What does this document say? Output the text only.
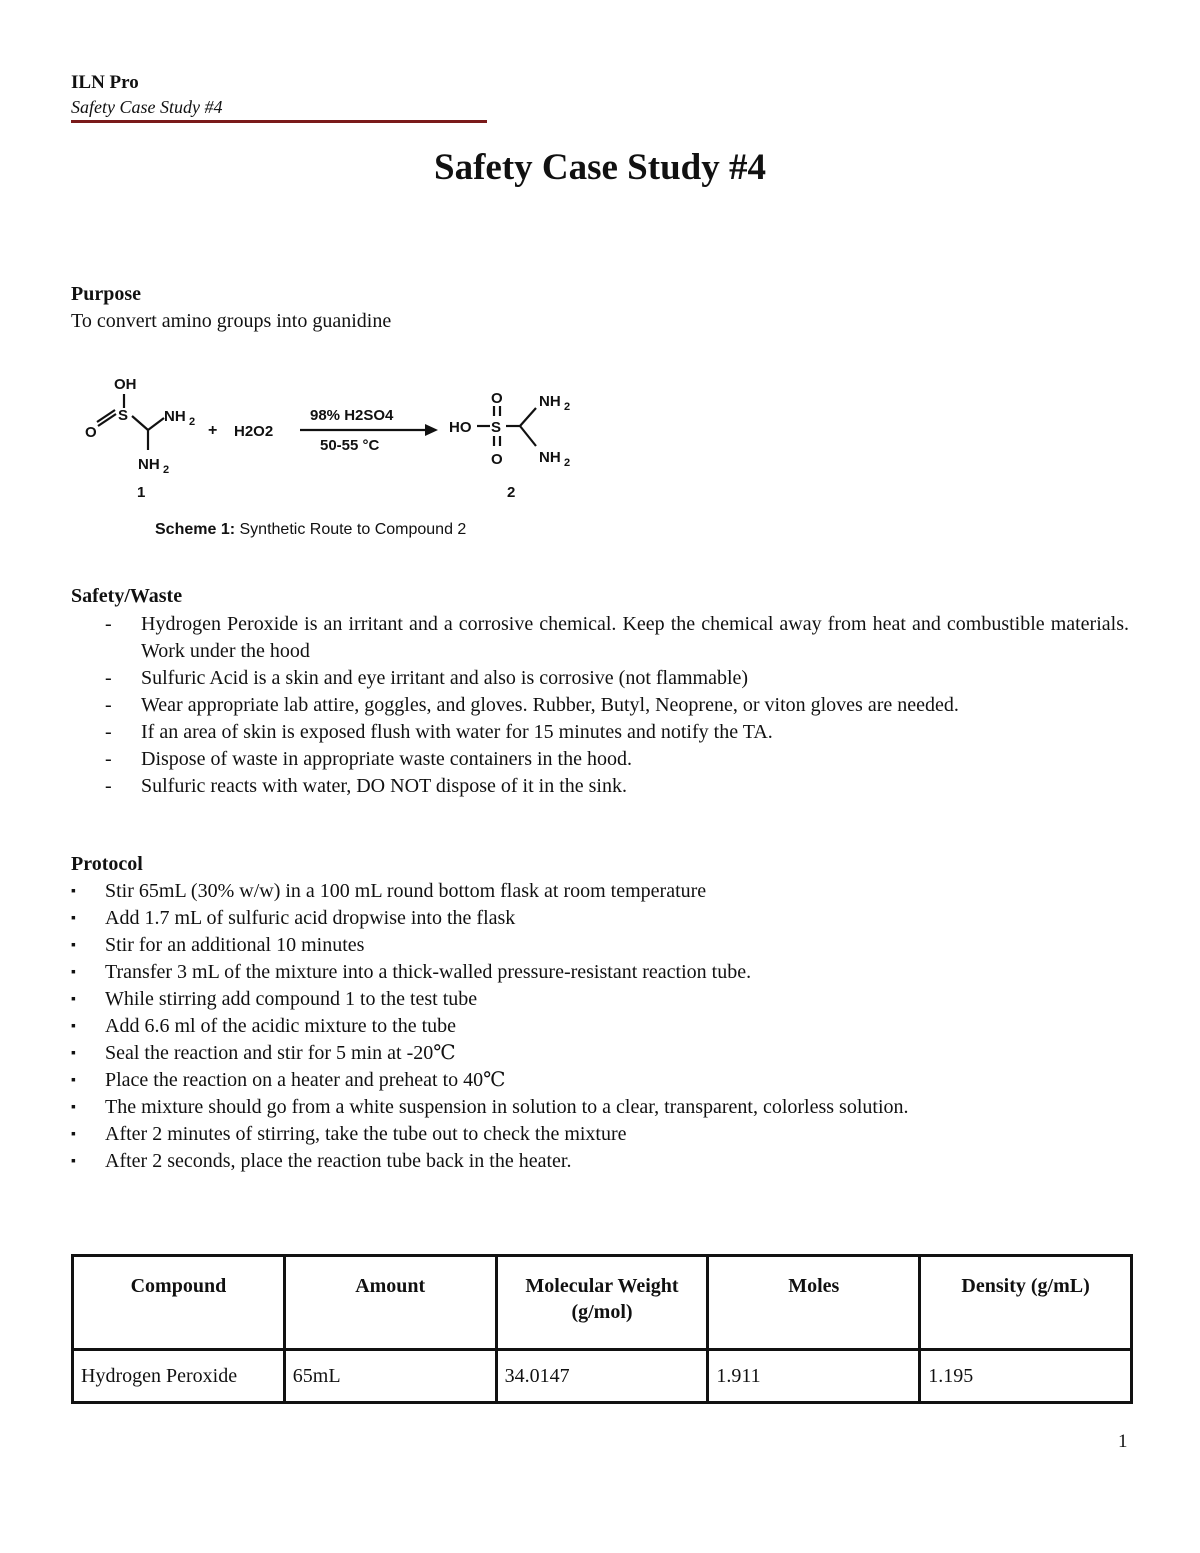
ILN Pro
Safety Case Study #4
Safety Case Study #4
Purpose
To convert amino groups into guanidine
OH
S
O
NH 2
NH 2
1
+ H2O2
98% H2SO4
50-55 °C
HO S
O
O
NH 2
NH 2
2
Scheme 1: Synthetic Route to Compound 2
Safety/Waste
- Hydrogen Peroxide is an irritant and a corrosive chemical. Keep the chemical away from heat and combustible materials. Work under the hood
- Sulfuric Acid is a skin and eye irritant and also is corrosive (not flammable)
- Wear appropriate lab attire, goggles, and gloves. Rubber, Butyl, Neoprene, or viton gloves are needed.
- If an area of skin is exposed flush with water for 15 minutes and notify the TA.
- Dispose of waste in appropriate waste containers in the hood.
- Sulfuric reacts with water, DO NOT dispose of it in the sink.
Protocol
▪ Stir 65mL (30% w/w) in a 100 mL round bottom flask at room temperature
▪ Add 1.7 mL of sulfuric acid dropwise into the flask
▪ Stir for an additional 10 minutes
▪ Transfer 3 mL of the mixture into a thick-walled pressure-resistant reaction tube.
▪ While stirring add compound 1 to the test tube
▪ Add 6.6 ml of the acidic mixture to the tube
▪ Seal the reaction and stir for 5 min at -20℃
▪ Place the reaction on a heater and preheat to 40℃
▪ The mixture should go from a white suspension in solution to a clear, transparent, colorless solution.
▪ After 2 minutes of stirring, take the tube out to check the mixture
▪ After 2 seconds, place the reaction tube back in the heater.
Compound	Amount	Molecular Weight (g/mol)	Moles	Density (g/mL)
Hydrogen Peroxide	65mL	34.0147	1.911	1.195
1
